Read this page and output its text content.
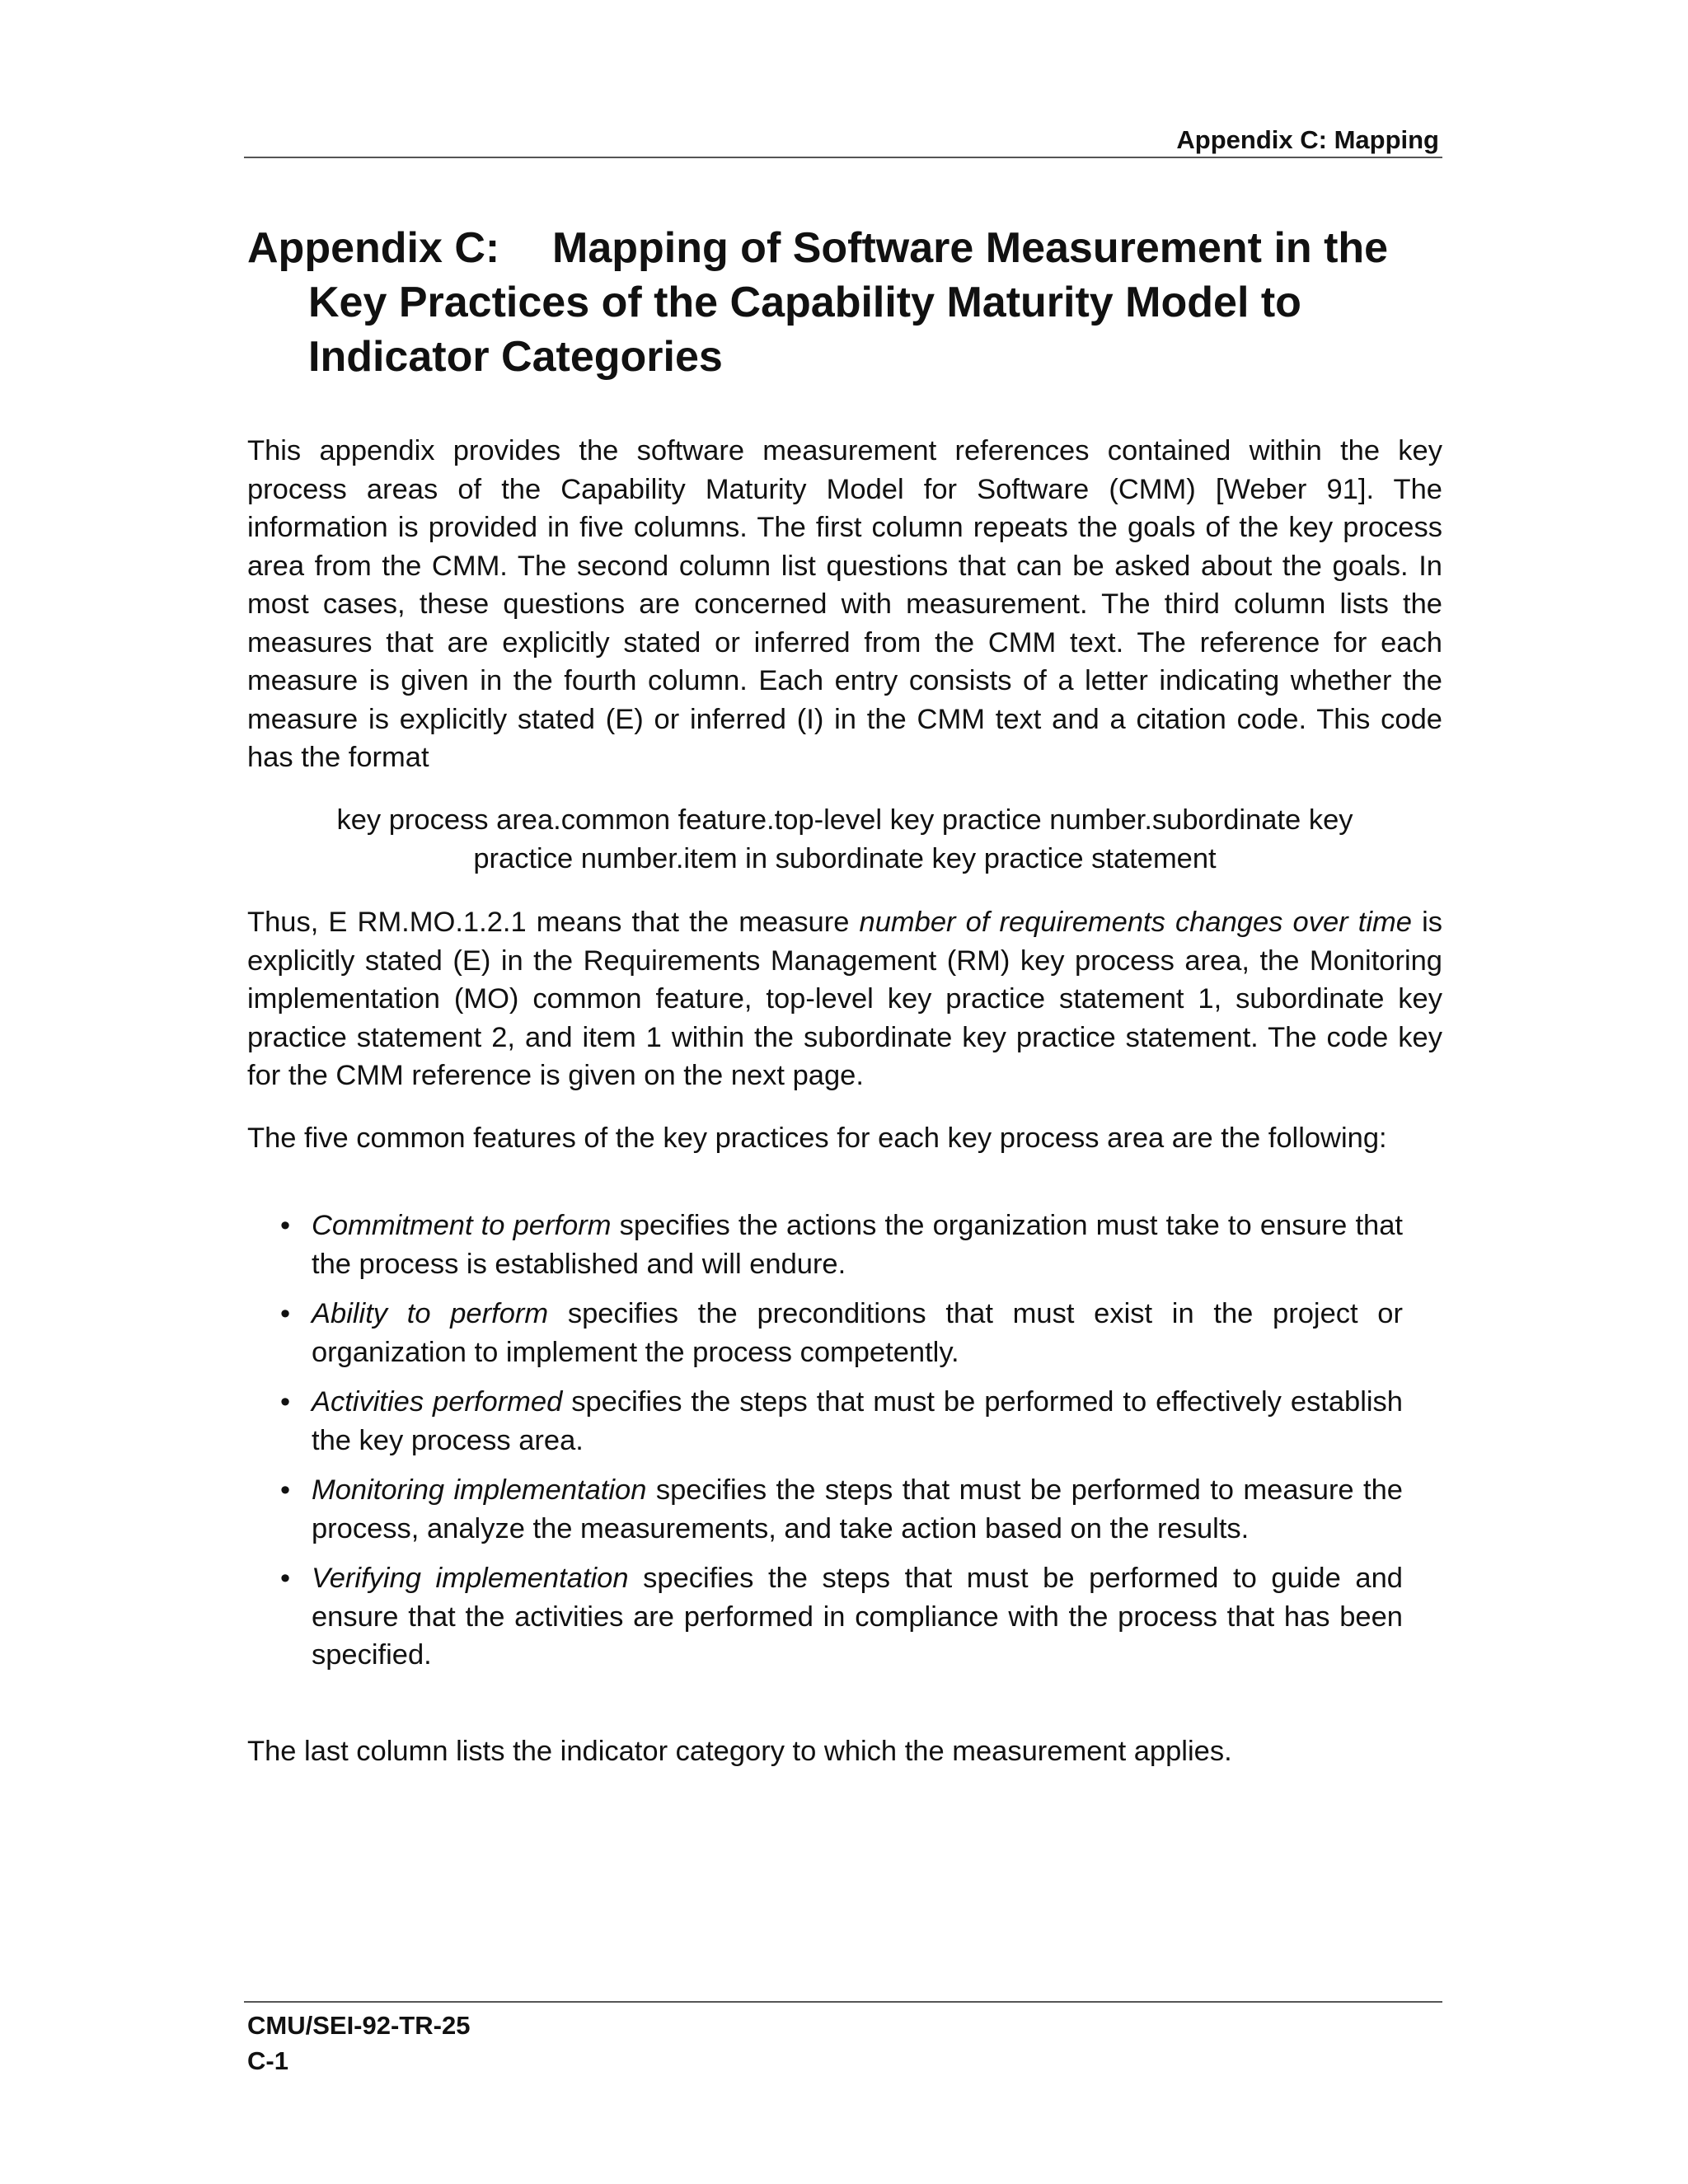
Appendix C: Mapping
Appendix C: Mapping of Software Measurement in the
Key Practices of the Capability Maturity Model to
Indicator Categories

This appendix provides the software measurement references contained within the key process areas of the Capability Maturity Model for Software (CMM) [Weber 91]. The information is provided in five columns. The first column repeats the goals of the key process area from the CMM. The second column list questions that can be asked about the goals. In most cases, these questions are concerned with measurement. The third column lists the measures that are explicitly stated or inferred from the CMM text. The reference for each measure is given in the fourth column. Each entry consists of a letter indicating whether the measure is explicitly stated (E) or inferred (I) in the CMM text and a citation code. This code has the format

key process area.common feature.top-level key practice number.subordinate key
practice number.item in subordinate key practice statement

Thus, E RM.MO.1.2.1 means that the measure number of requirements changes over time is explicitly stated (E) in the Requirements Management (RM) key process area, the Monitoring implementation (MO) common feature, top-level key practice statement 1, subordinate key practice statement 2, and item 1 within the subordinate key practice statement. The code key for the CMM reference is given on the next page.

The five common features of the key practices for each key process area are the following:

• Commitment to perform specifies the actions the organization must take to ensure that the process is established and will endure.
• Ability to perform specifies the preconditions that must exist in the project or organization to implement the process competently.
• Activities performed specifies the steps that must be performed to effectively establish the key process area.
• Monitoring implementation specifies the steps that must be performed to measure the process, analyze the measurements, and take action based on the results.
• Verifying implementation specifies the steps that must be performed to guide and ensure that the activities are performed in compliance with the process that has been specified.

The last column lists the indicator category to which the measurement applies.

CMU/SEI-92-TR-25
C-1
